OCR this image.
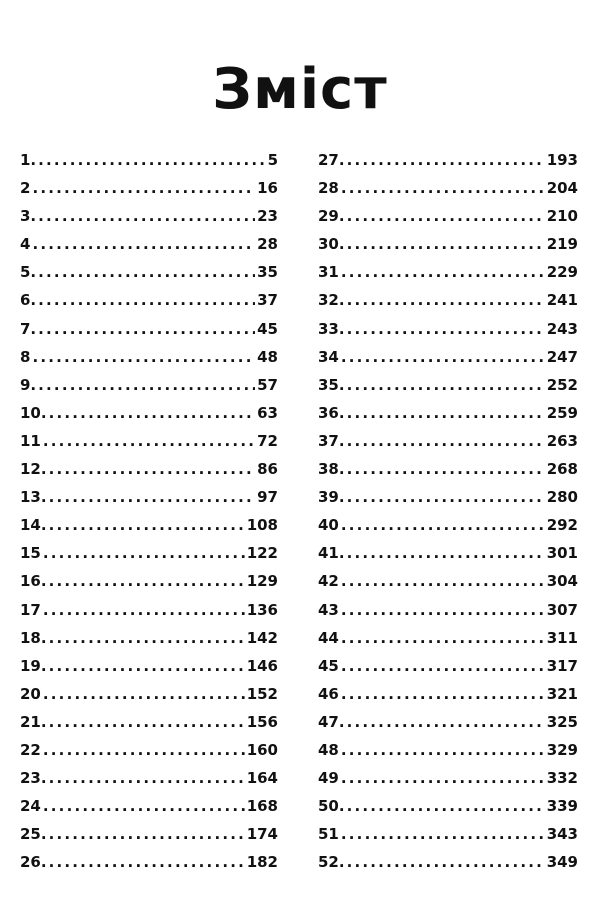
Зміст
1. .....	5
2 .....	16
3. .....	23
4 .....	28
5. .....	35
6. .....	37
7. .....	45
8 .....	48
9. .....	57
10. .....	63
11 .....	72
12. .....	86
13. .....	97
14. .....	108
15 .....	122
16. .....	129
17 .....	136
18. .....	142
19. .....	146
20 .....	152
21. .....	156
22 .....	160
23. .....	164
24 .....	168
25. .....	174
26. .....	182
27. .....	193
28 .....	204
29. .....	210
30. .....	219
31 .....	229
32. .....	241
33. .....	243
34 .....	247
35. .....	252
36. .....	259
37. .....	263
38. .....	268
39. .....	280
40 .....	292
41. .....	301
42 .....	304
43 .....	307
44 .....	311
45 .....	317
46 .....	321
47. .....	325
48 .....	329
49 .....	332
50. .....	339
51 .....	343
52. .....	349
